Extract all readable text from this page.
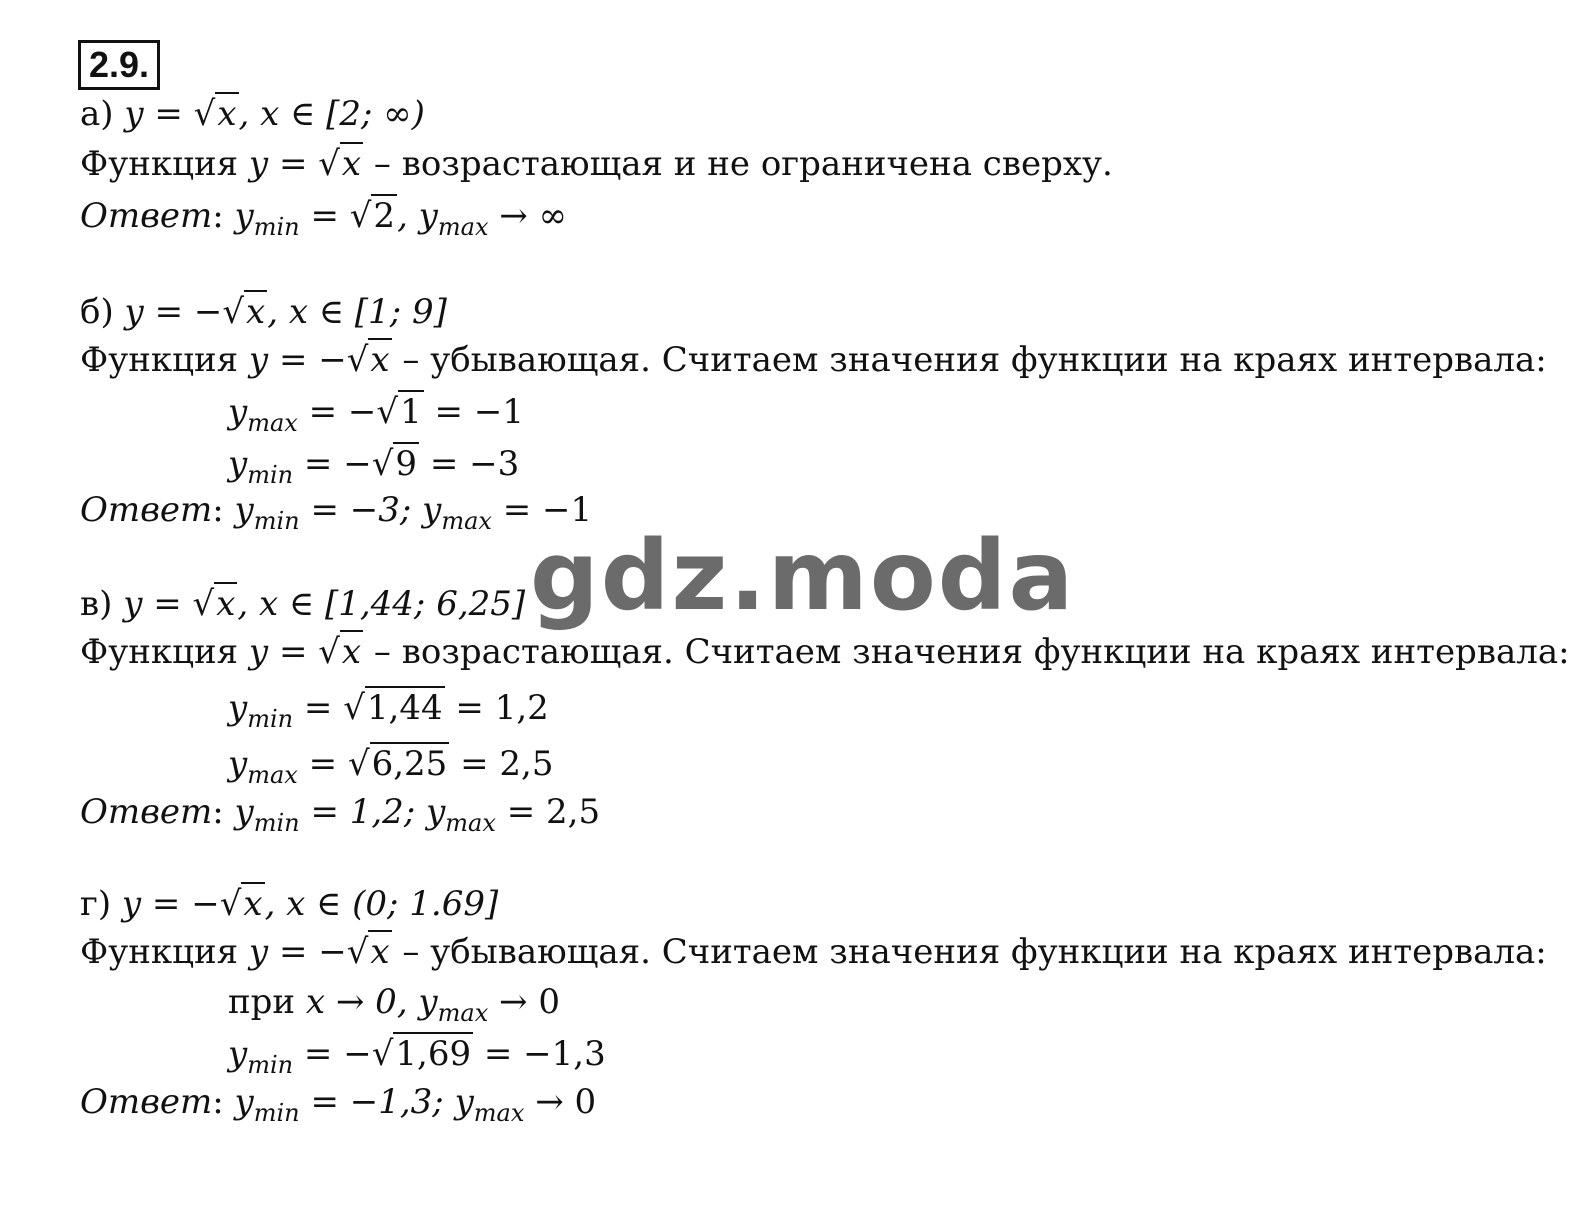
2.9.
а) y = √x, x ∈ [2; ∞)
Функция y = √x – возрастающая и не ограничена сверху.
Ответ: $y_{min} = √2$, $y_{max}$ → ∞
б) y = −√x, x ∈ [1; 9]
Функция y = −√x – убывающая. Считаем значения функции на краях интервала:
$y_{max} = -√1 = -1$
$y_{min} = -√9 = -3$
Ответ: $y_{min} = -3$; $y_{max} = -1$
в) y = √x, x ∈ [1,44; 6,25]
Функция y = √x – возрастающая. Считаем значения функции на краях интервала:
$y_{min} = √1,44 = 1,2$
$y_{max} = √6,25 = 2,5$
Ответ: $y_{min} = 1,2$; $y_{max} = 2,5$
г) y = −√x, x ∈ (0; 1.69]
Функция y = −√x – убывающая. Считаем значения функции на краях интервала:
при x → 0, $y_{max} \to 0$
$y_{min} = -√1,69 = -1,3$
Ответ: $y_{min} = -1,3$; $y_{max} \to 0$
gdz.moda
